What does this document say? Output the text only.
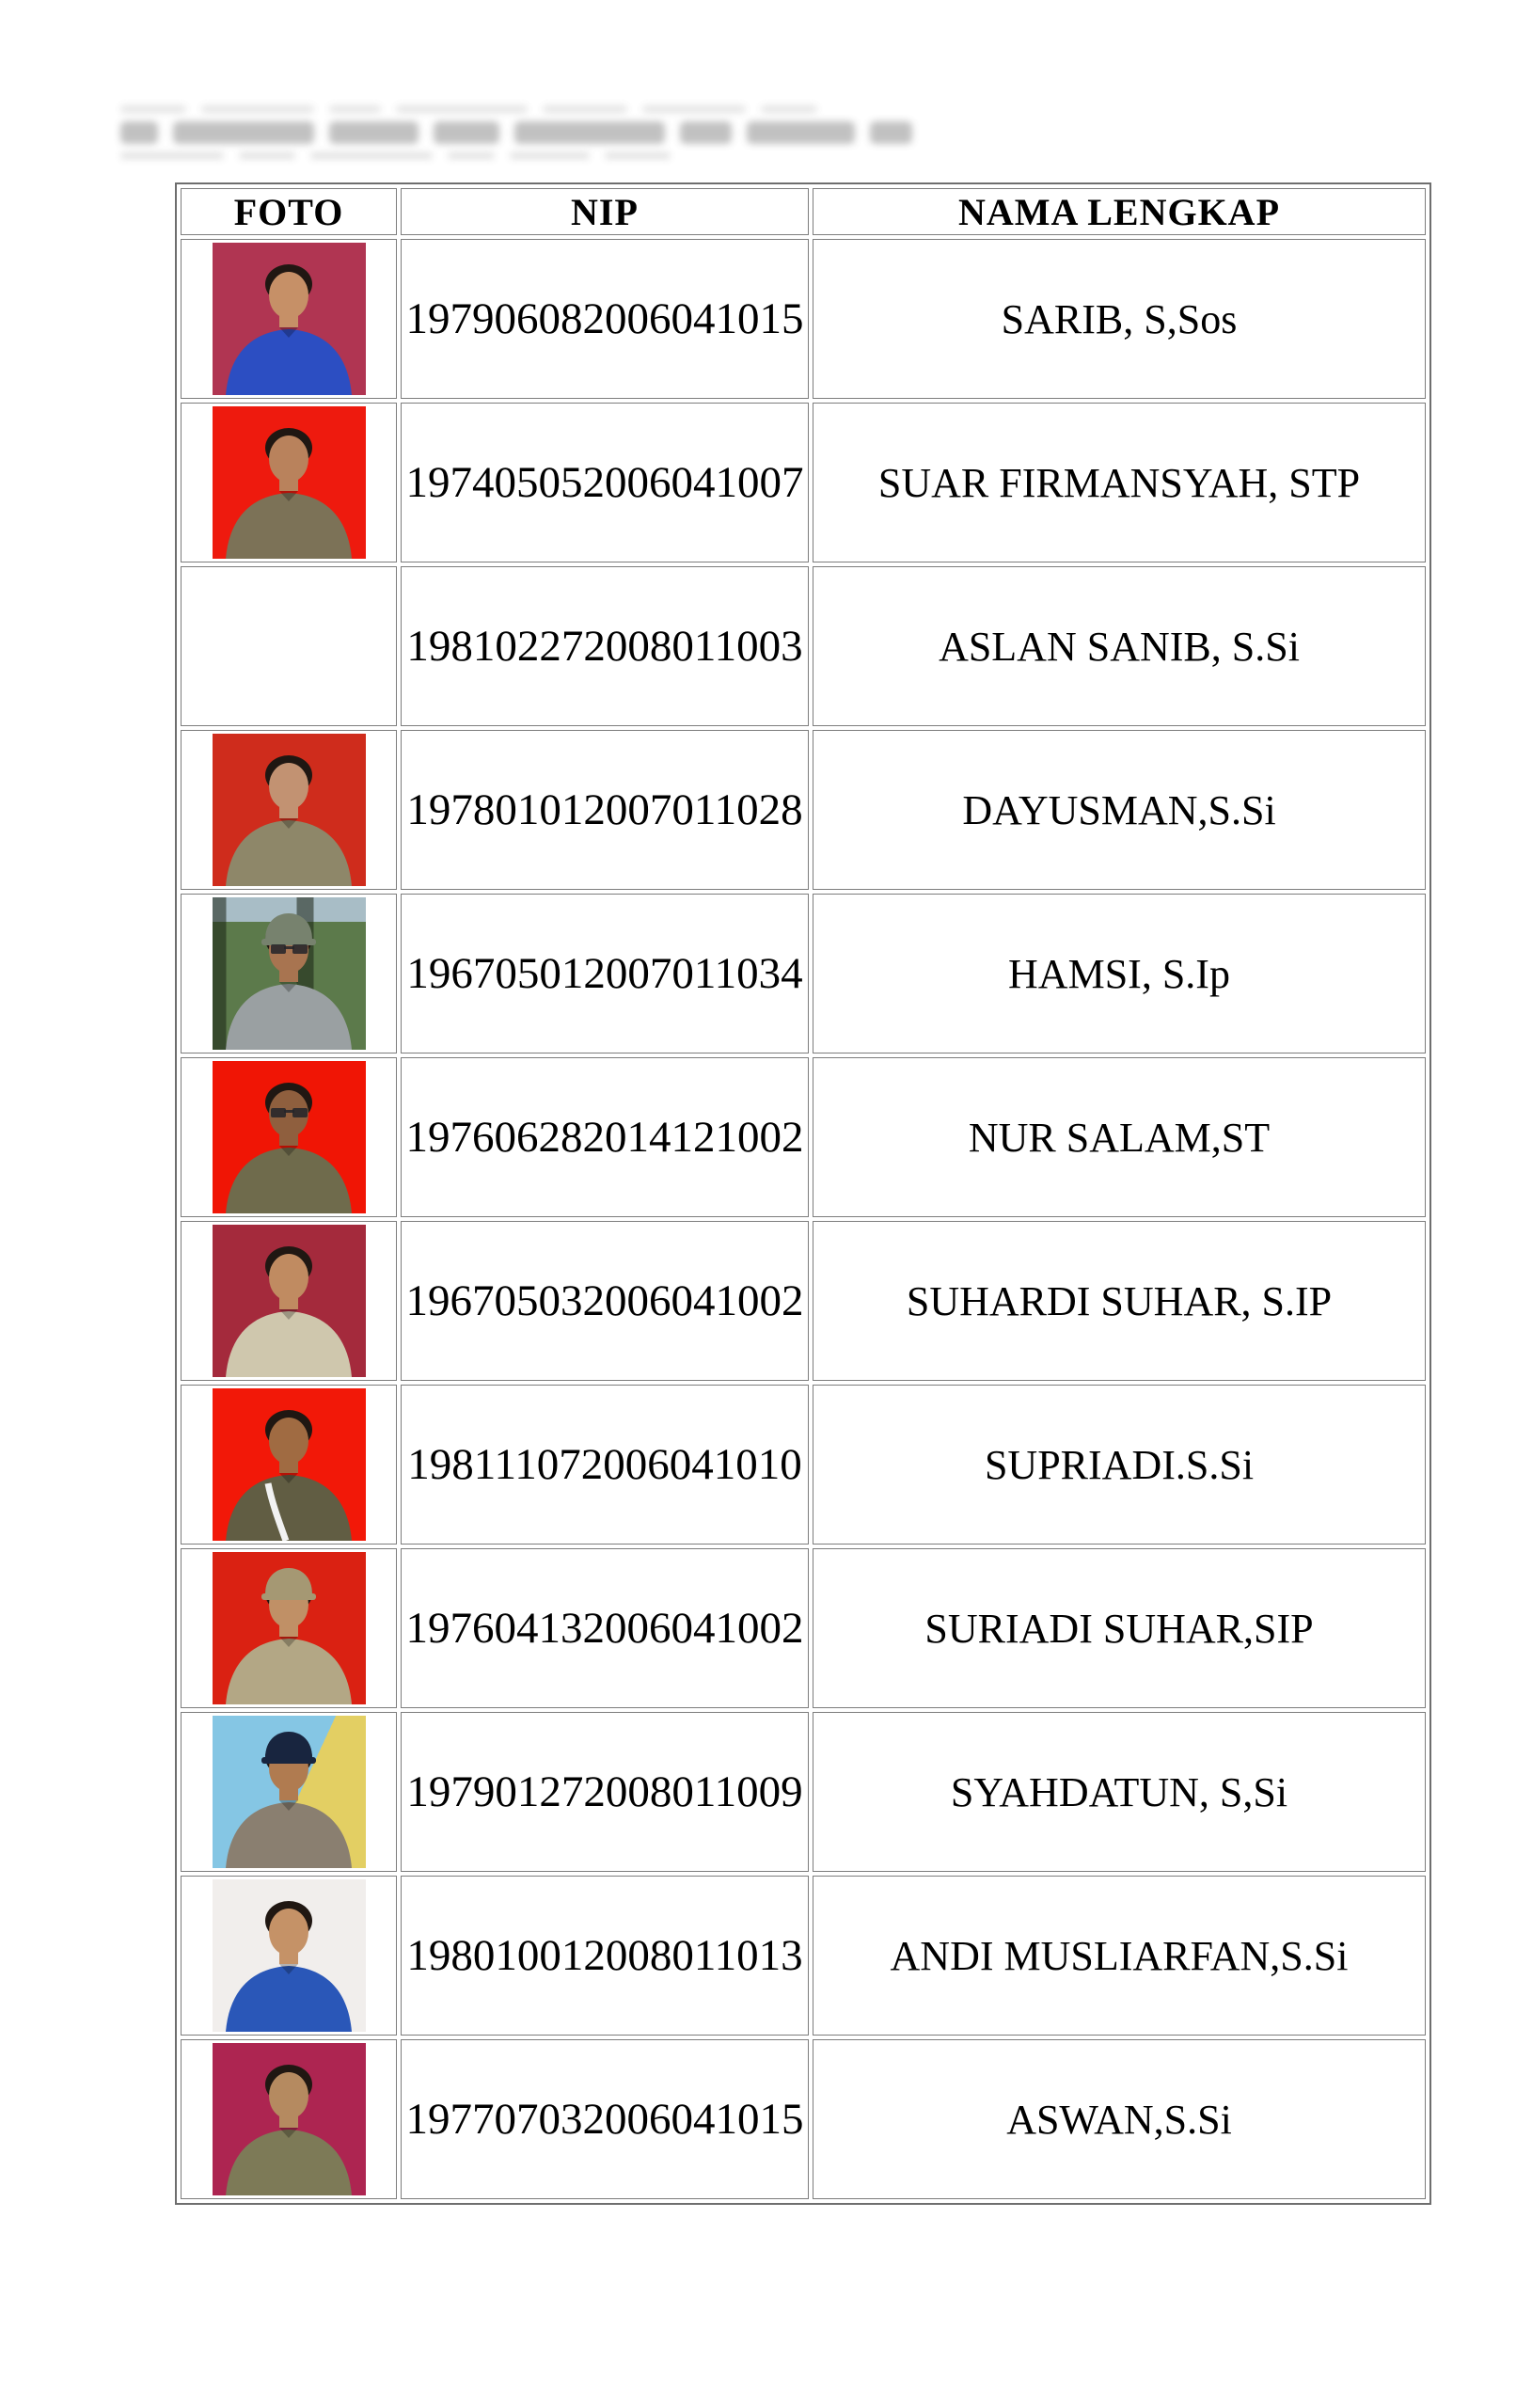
FOTO	NIP	NAMA LENGKAP

	197906082006041015	SARIB, S,Sos

	197405052006041007	SUAR FIRMANSYAH, STP
	198102272008011003	ASLAN SANIB, S.Si

	197801012007011028	DAYUSMAN,S.Si

	196705012007011034	HAMSI, S.Ip

	197606282014121002	NUR SALAM,ST

	196705032006041002	SUHARDI SUHAR, S.IP

	198111072006041010	SUPRIADI.S.Si

	197604132006041002	SURIADI SUHAR,SIP

	197901272008011009	SYAHDATUN, S,Si

	198010012008011013	ANDI MUSLIARFAN,S.Si

	197707032006041015	ASWAN,S.Si
